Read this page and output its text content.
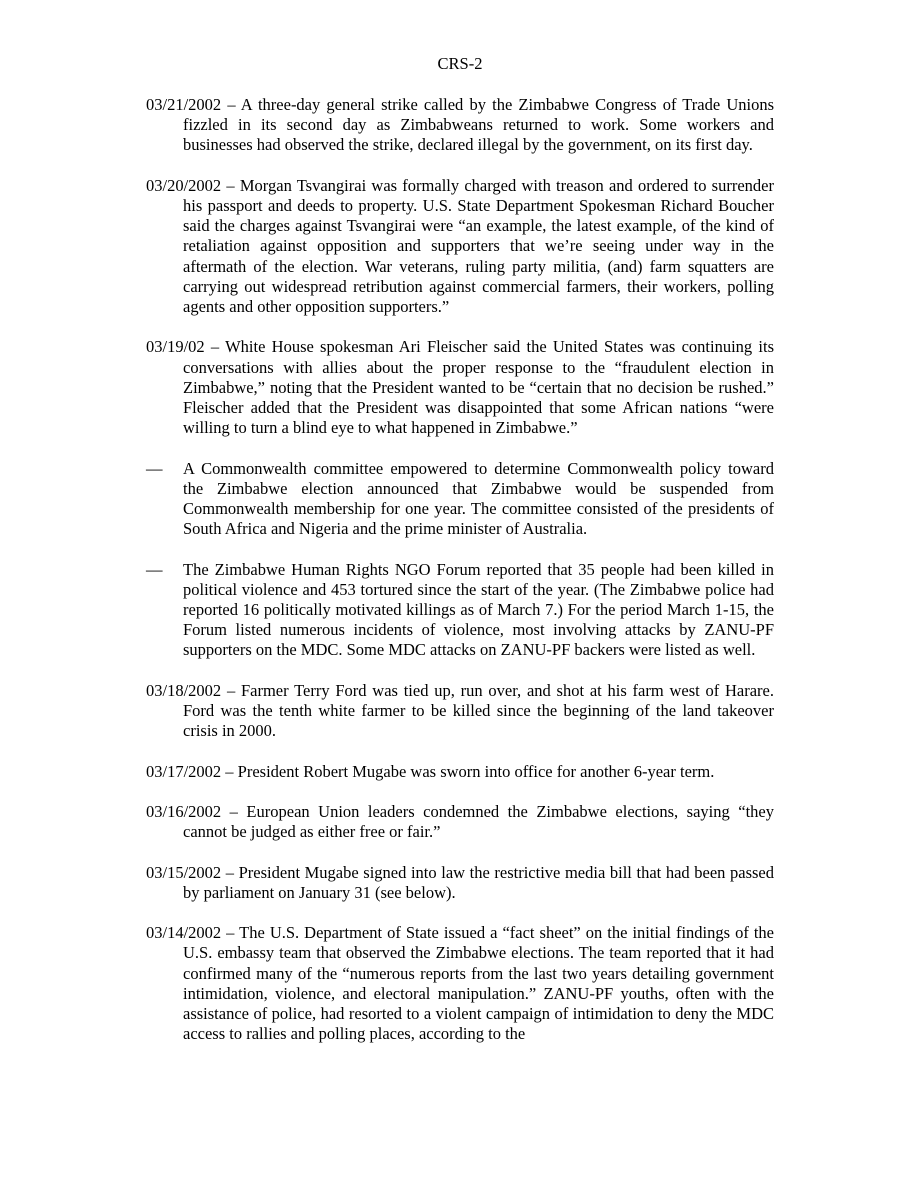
CRS-2

03/21/2002 – A three-day general strike called by the Zimbabwe Congress of Trade Unions fizzled in its second day as Zimbabweans returned to work. Some workers and businesses had observed the strike, declared illegal by the government, on its first day.

03/20/2002 – Morgan Tsvangirai was formally charged with treason and ordered to surrender his passport and deeds to property. U.S. State Department Spokesman Richard Boucher said the charges against Tsvangirai were “an example, the latest example, of the kind of retaliation against opposition and supporters that we’re seeing under way in the aftermath of the election. War veterans, ruling party militia, (and) farm squatters are carrying out widespread retribution against commercial farmers, their workers, polling agents and other opposition supporters.”

03/19/02 – White House spokesman Ari Fleischer said the United States was continuing its conversations with allies about the proper response to the “fraudulent election in Zimbabwe,” noting that the President wanted to be “certain that no decision be rushed.” Fleischer added that the President was disappointed that some African nations “were willing to turn a blind eye to what happened in Zimbabwe.”

—	A Commonwealth committee empowered to determine Commonwealth policy toward the Zimbabwe election announced that Zimbabwe would be suspended from Commonwealth membership for one year. The committee consisted of the presidents of South Africa and Nigeria and the prime minister of Australia.
—	The Zimbabwe Human Rights NGO Forum reported that 35 people had been killed in political violence and 453 tortured since the start of the year. (The Zimbabwe police had reported 16 politically motivated killings as of March 7.) For the period March 1-15, the Forum listed numerous incidents of violence, most involving attacks by ZANU-PF supporters on the MDC. Some MDC attacks on ZANU-PF backers were listed as well.

03/18/2002 – Farmer Terry Ford was tied up, run over, and shot at his farm west of Harare. Ford was the tenth white farmer to be killed since the beginning of the land takeover crisis in 2000.

03/17/2002 – President Robert Mugabe was sworn into office for another 6-year term.

03/16/2002 – European Union leaders condemned the Zimbabwe elections, saying “they cannot be judged as either free or fair.”

03/15/2002 – President Mugabe signed into law the restrictive media bill that had been passed by parliament on January 31 (see below).

03/14/2002 – The U.S. Department of State issued a “fact sheet” on the initial findings of the U.S. embassy team that observed the Zimbabwe elections. The team reported that it had confirmed many of the “numerous reports from the last two years detailing government intimidation, violence, and electoral manipulation.” ZANU-PF youths, often with the assistance of police, had resorted to a violent campaign of intimidation to deny the MDC access to rallies and polling places, according to the
